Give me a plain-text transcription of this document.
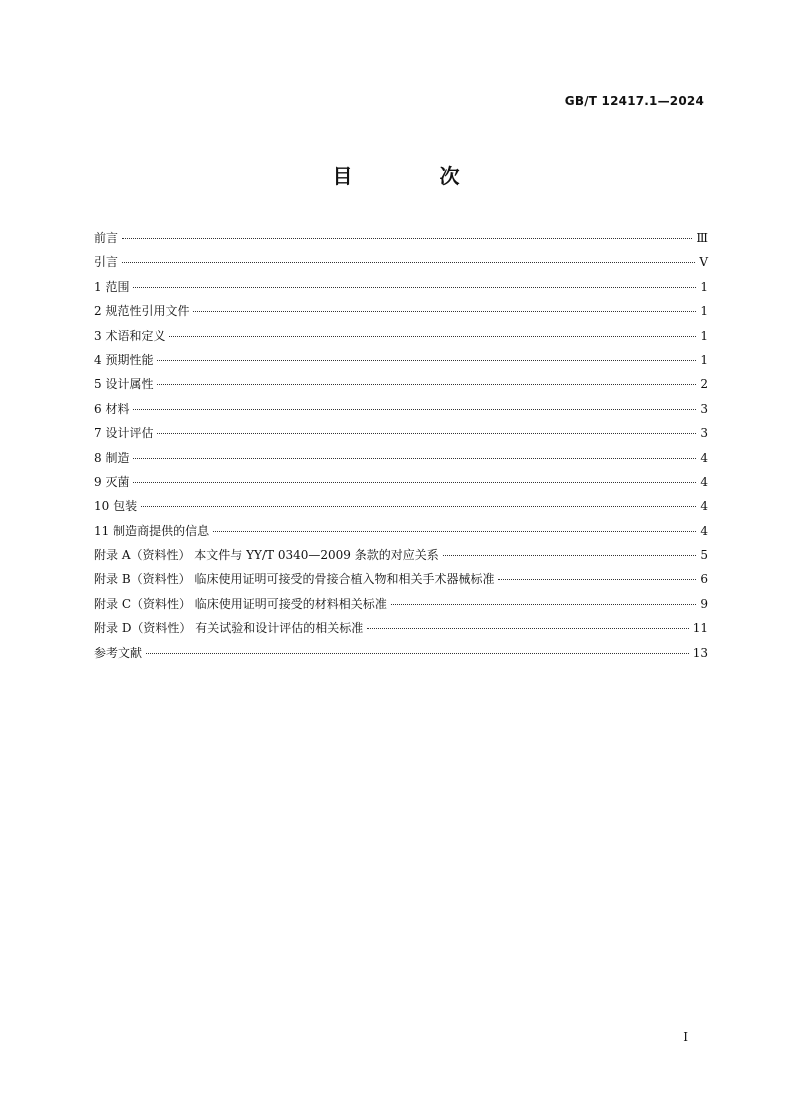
GB/T 12417.1—2024
目 次
前言	Ⅲ
引言	Ⅴ
1 范围	1
2 规范性引用文件	1
3 术语和定义	1
4 预期性能	1
5 设计属性	2
6 材料	3
7 设计评估	3
8 制造	4
9 灭菌	4
10 包装	4
11 制造商提供的信息	4
附录 A（资料性） 本文件与 YY/T 0340—2009 条款的对应关系	5
附录 B（资料性） 临床使用证明可接受的骨接合植入物和相关手术器械标准	6
附录 C（资料性） 临床使用证明可接受的材料相关标准	9
附录 D（资料性） 有关试验和设计评估的相关标准	11
参考文献	13
I
